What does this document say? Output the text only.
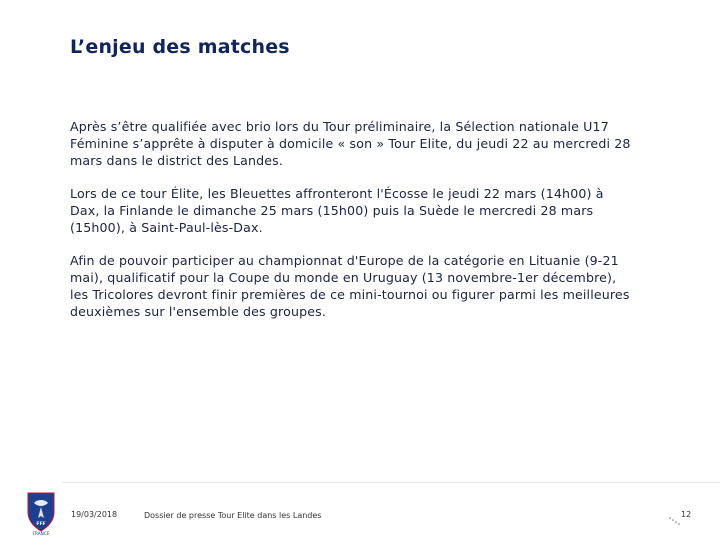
L’enjeu des matches

Après s’être qualifiée avec brio lors du Tour préliminaire, la Sélection nationale U17 Féminine s’apprête à disputer à domicile « son » Tour Elite, du jeudi 22 au mercredi 28 mars dans le district des Landes.

Lors de ce tour Élite, les Bleuettes affronteront l'Écosse le jeudi 22 mars (14h00) à Dax, la Finlande le dimanche 25 mars (15h00) puis la Suède le mercredi 28 mars (15h00), à Saint-Paul-lès-Dax.

Afin de pouvoir participer au championnat d'Europe de la catégorie en Lituanie (9-21 mai), qualificatif pour la Coupe du monde en Uruguay (13 novembre-1er décembre), les Tricolores devront finir premières de ce mini-tournoi ou figurer parmi les meilleures deuxièmes sur l'ensemble des groupes.

FFF
FRANCE
19/03/2018	Dossier de presse Tour Elite dans les Landes	12
